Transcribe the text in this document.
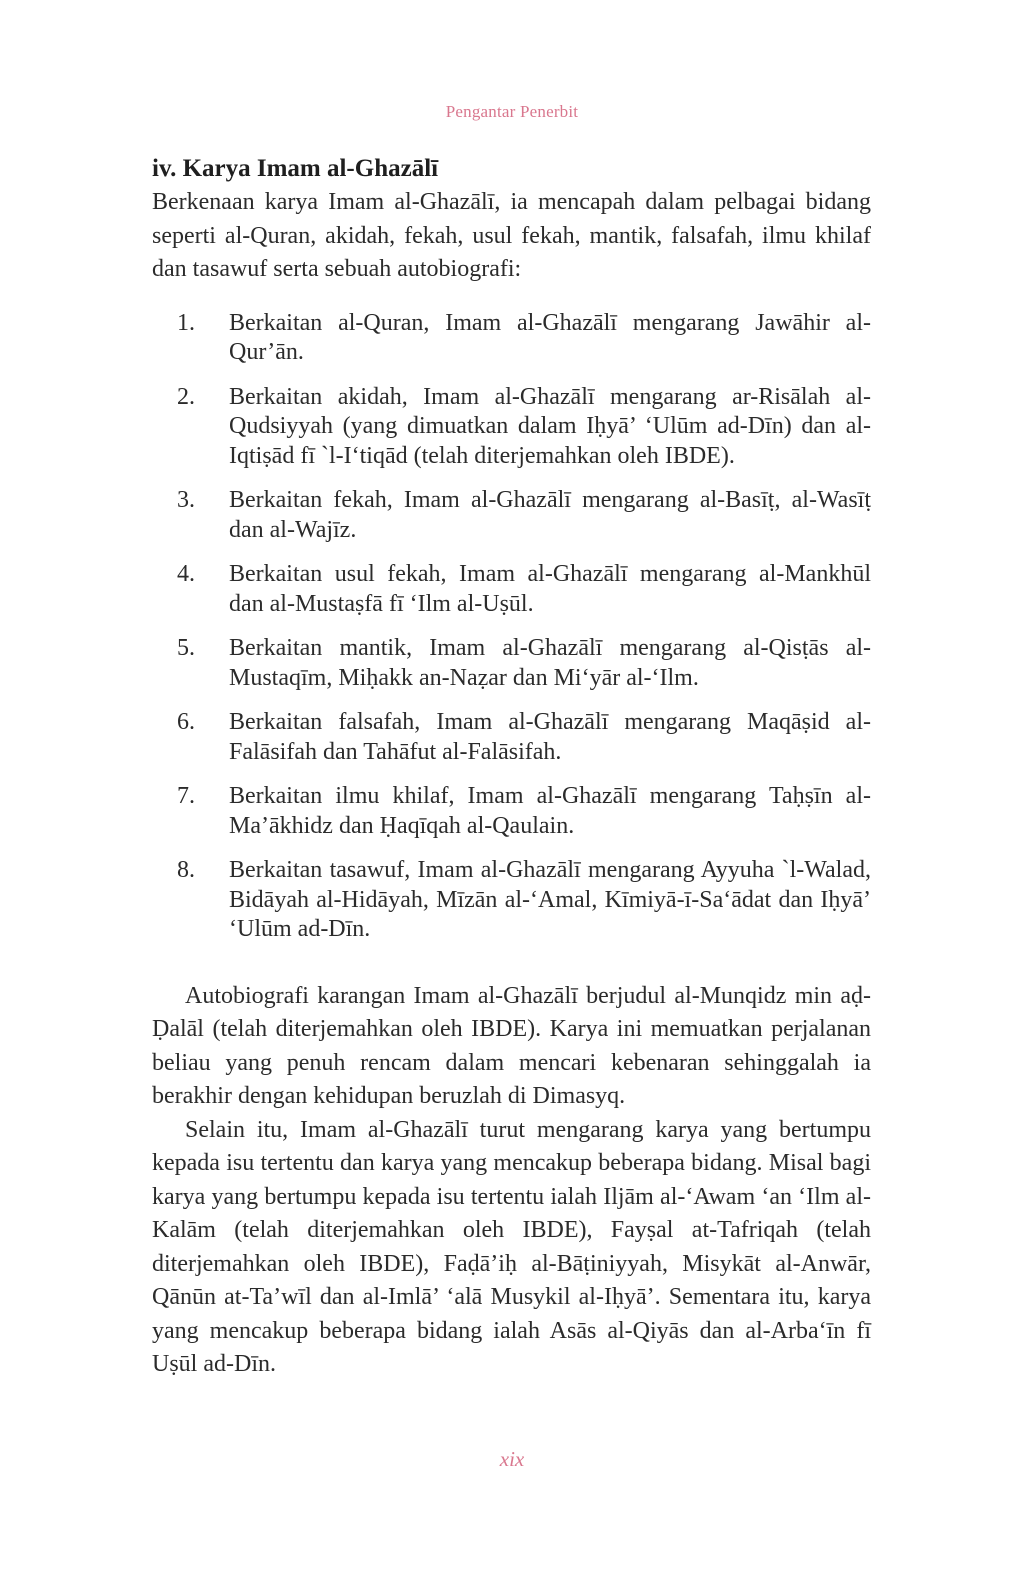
Pengantar Penerbit
iv. Karya Imam al-Ghazālī

Berkenaan karya Imam al-Ghazālī, ia mencapah dalam pelbagai bidang seperti al-Quran, akidah, fekah, usul fekah, mantik, falsafah, ilmu khilaf dan tasawuf serta sebuah autobiografi:

1.	Berkaitan al-Quran, Imam al-Ghazālī mengarang Jawāhir al-Qur’ān.
2.	Berkaitan akidah, Imam al-Ghazālī mengarang ar-Risālah al-Qudsiyyah (yang dimuatkan dalam Iḥyā’ ‘Ulūm ad-Dīn) dan al-Iqtiṣād fī `l-I‘tiqād (telah diterjemahkan oleh IBDE).
3.	Berkaitan fekah, Imam al-Ghazālī mengarang al-Basīṭ, al-Wasīṭ dan al-Wajīz.
4.	Berkaitan usul fekah, Imam al-Ghazālī mengarang al-Mankhūl dan al-Mustaṣfā fī ‘Ilm al-Uṣūl.
5.	Berkaitan mantik, Imam al-Ghazālī mengarang al-Qisṭās al-Mustaqīm, Miḥakk an-Naẓar dan Mi‘yār al-‘Ilm.
6.	Berkaitan falsafah, Imam al-Ghazālī mengarang Maqāṣid al-Falāsifah dan Tahāfut al-Falāsifah.
7.	Berkaitan ilmu khilaf, Imam al-Ghazālī mengarang Taḥṣīn al-Ma’ākhidz dan Ḥaqīqah al-Qaulain.
8.	Berkaitan tasawuf, Imam al-Ghazālī mengarang Ayyuha `l-Walad, Bidāyah al-Hidāyah, Mīzān al-‘Amal, Kīmiyā-ī-Sa‘ādat dan Iḥyā’ ‘Ulūm ad-Dīn.

Autobiografi karangan Imam al-Ghazālī berjudul al-Munqidz min aḍ-Ḍalāl (telah diterjemahkan oleh IBDE). Karya ini memuatkan perjalanan beliau yang penuh rencam dalam mencari kebenaran sehinggalah ia berakhir dengan kehidupan beruzlah di Dimasyq.

Selain itu, Imam al-Ghazālī turut mengarang karya yang bertumpu kepada isu tertentu dan karya yang mencakup beberapa bidang. Misal bagi karya yang bertumpu kepada isu tertentu ialah Iljām al-‘Awam ‘an ‘Ilm al-Kalām (telah diterjemahkan oleh IBDE), Fayṣal at-Tafriqah (telah diterjemahkan oleh IBDE), Faḍā’iḥ al-Bāṭiniyyah, Misykāt al-Anwār, Qānūn at-Ta’wīl dan al-Imlā’ ‘alā Musykil al-Iḥyā’. Sementara itu, karya yang mencakup beberapa bidang ialah Asās al-Qiyās dan al-Arba‘īn fī Uṣūl ad-Dīn.

xix
